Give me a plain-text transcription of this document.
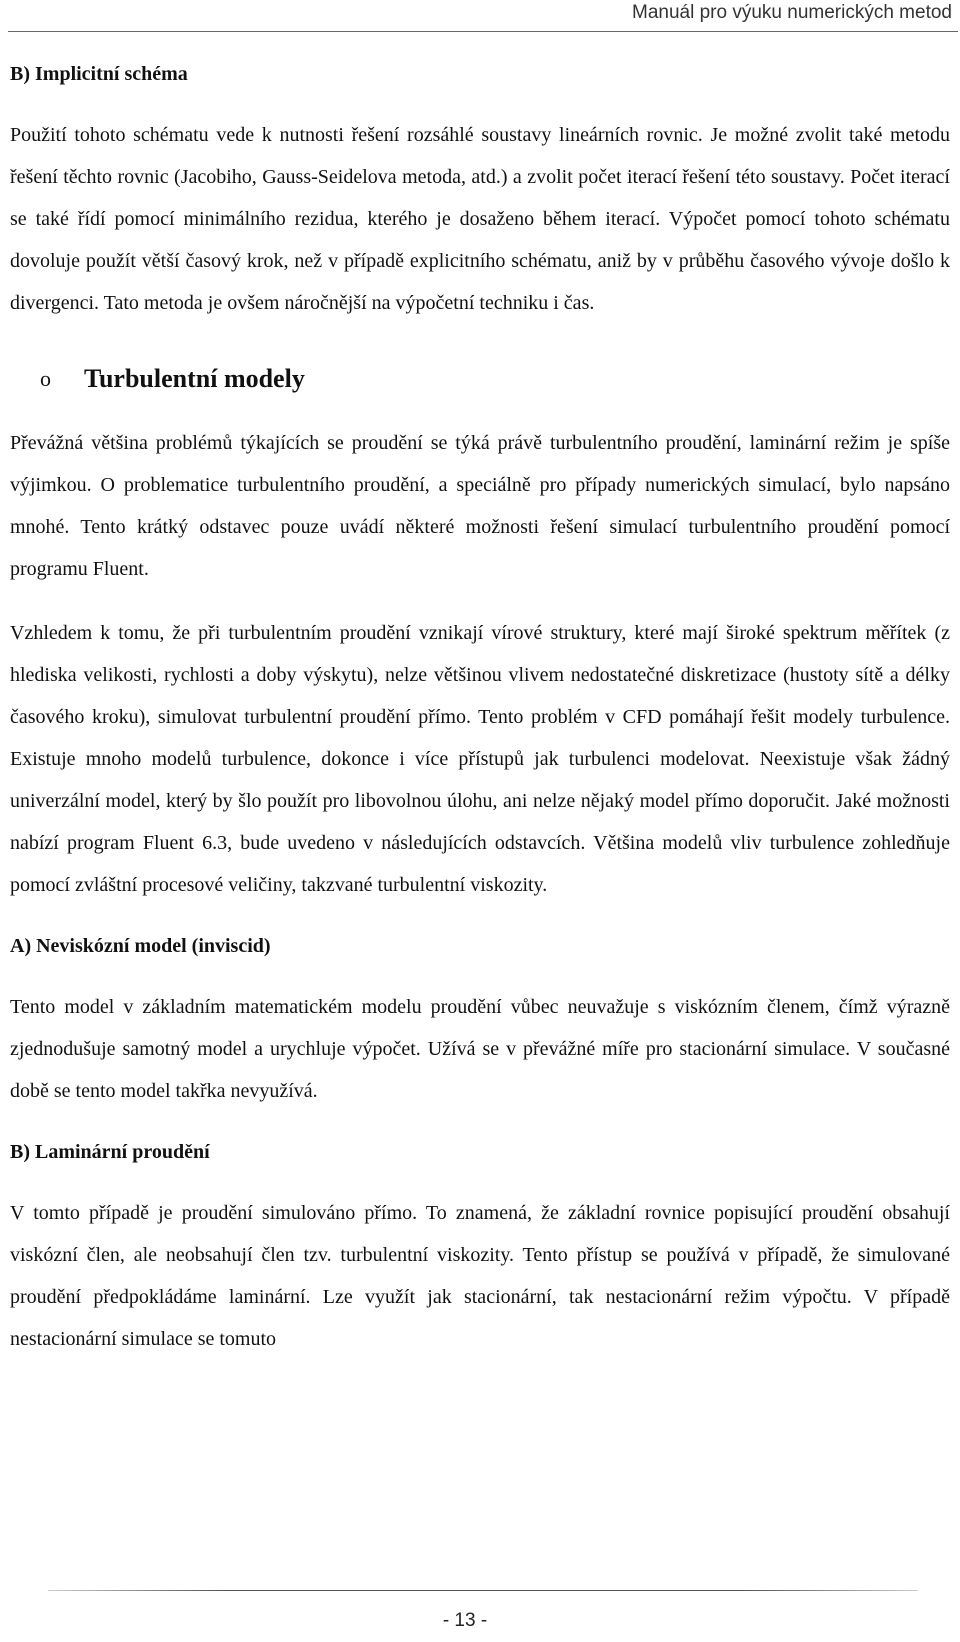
Manuál pro výuku numerických metod

B) Implicitní schéma

Použití tohoto schématu vede k nutnosti řešení rozsáhlé soustavy lineárních rovnic. Je možné zvolit také metodu řešení těchto rovnic (Jacobiho, Gauss-Seidelova metoda, atd.) a zvolit počet iterací řešení této soustavy. Počet iterací se také řídí pomocí minimálního rezidua, kterého je dosaženo během iterací. Výpočet pomocí tohoto schématu dovoluje použít větší časový krok, než v případě explicitního schématu, aniž by v průběhu časového vývoje došlo k divergenci. Tato metoda je ovšem náročnější na výpočetní techniku i čas.

o	Turbulentní modely

Převážná většina problémů týkajících se proudění se týká právě turbulentního proudění, laminární režim je spíše výjimkou. O problematice turbulentního proudění, a speciálně pro případy numerických simulací, bylo napsáno mnohé. Tento krátký odstavec pouze uvádí některé možnosti řešení simulací turbulentního proudění pomocí programu Fluent.

Vzhledem k tomu, že při turbulentním proudění vznikají vírové struktury, které mají široké spektrum měřítek (z hlediska velikosti, rychlosti a doby výskytu), nelze většinou vlivem nedostatečné diskretizace (hustoty sítě a délky časového kroku), simulovat turbulentní proudění přímo. Tento problém v CFD pomáhají řešit modely turbulence. Existuje mnoho modelů turbulence, dokonce i více přístupů jak turbulenci modelovat. Neexistuje však žádný univerzální model, který by šlo použít pro libovolnou úlohu, ani nelze nějaký model přímo doporučit. Jaké možnosti nabízí program Fluent 6.3, bude uvedeno v následujících odstavcích. Většina modelů vliv turbulence zohledňuje pomocí zvláštní procesové veličiny, takzvané turbulentní viskozity.

A) Neviskózní model (inviscid)

Tento model v základním matematickém modelu proudění vůbec neuvažuje s viskózním členem, čímž výrazně zjednodušuje samotný model a urychluje výpočet. Užívá se v převážné míře pro stacionární simulace. V současné době se tento model takřka nevyužívá.

B) Laminární proudění

V tomto případě je proudění simulováno přímo. To znamená, že základní rovnice popisující proudění obsahují viskózní člen, ale neobsahují člen tzv. turbulentní viskozity. Tento přístup se používá v případě, že simulované proudění předpokládáme laminární. Lze využít jak stacionární, tak nestacionární režim výpočtu. V případě nestacionární simulace se tomuto

- 13 -
